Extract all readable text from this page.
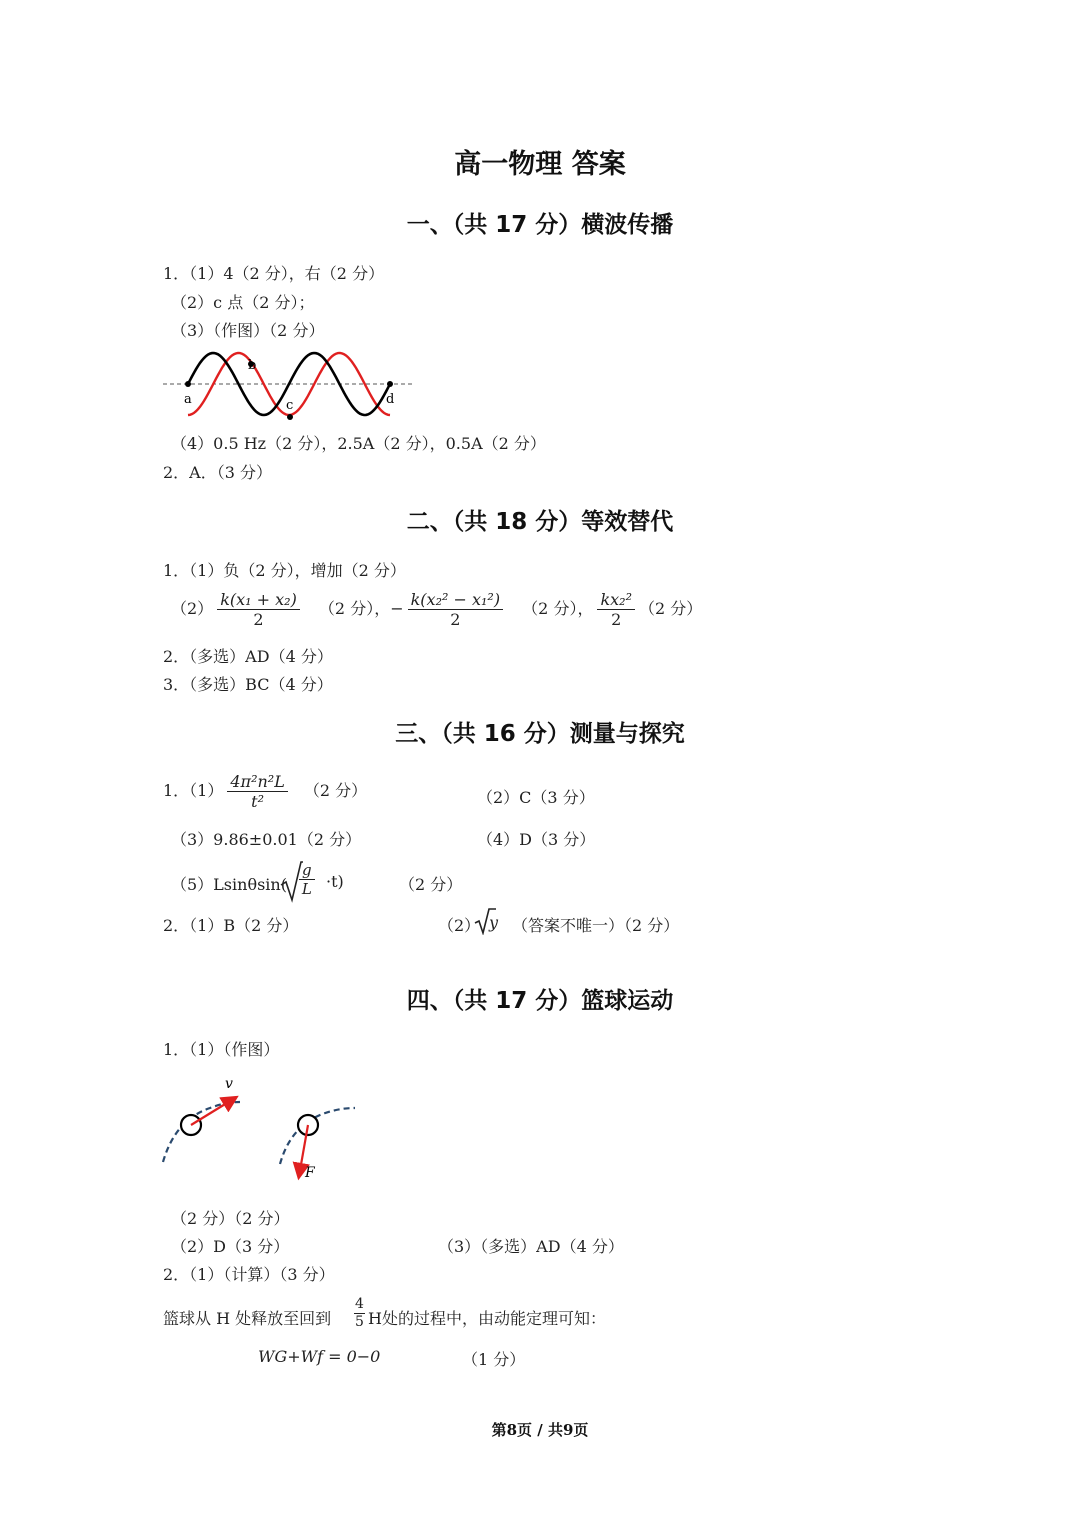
高一物理 答案
一、（共 17 分）横波传播
1．（1）4（2 分），右（2 分）
（2）c 点（2 分）；
（3）（作图）（2 分）
a
b
c	d
（4）0.5 Hz（2 分），2.5A（2 分），0.5A（2 分）
2．A．（3 分）
二、（共 18 分）等效替代
1．（1）负（2 分），增加（2 分）
$(2) \frac{\text{k(x₁ + x₂)}}{2} (2$ 分），− $\frac{\text{k(x₂² − x₁²)}}{2} (2$ 分）， $\frac{\text{kx₂²}}{2} (2$ 分）
2．（多选）AD（4 分）
3．（多选）BC（4 分）
三、（共 16 分）测量与探究
1．$(1) \frac{\text{4π²n²L}}{\text{t²}} (2$ 分）	（2）C（3 分）
（3）9.86±0.01（2 分）	（4）D（3 分）
$(5)Lsin\theta\sin( \frac{g}{L} \cdot t)$	（2 分）
2．（1）B（2 分）	（2） y （答案不唯一）（2 分）
四、（共 17 分）篮球运动
1．（1）（作图）
v
F
（2 分）（2 分）
（2）D（3 分）	（3）（多选）AD（4 分）
2．（1）（计算）（3 分）
篮球从 H 处释放至回到 $\frac{4}{5}$ H处的过程中，由动能定理可知：
WG+Wf = 0−0	（1 分）
第8页 / 共9页
